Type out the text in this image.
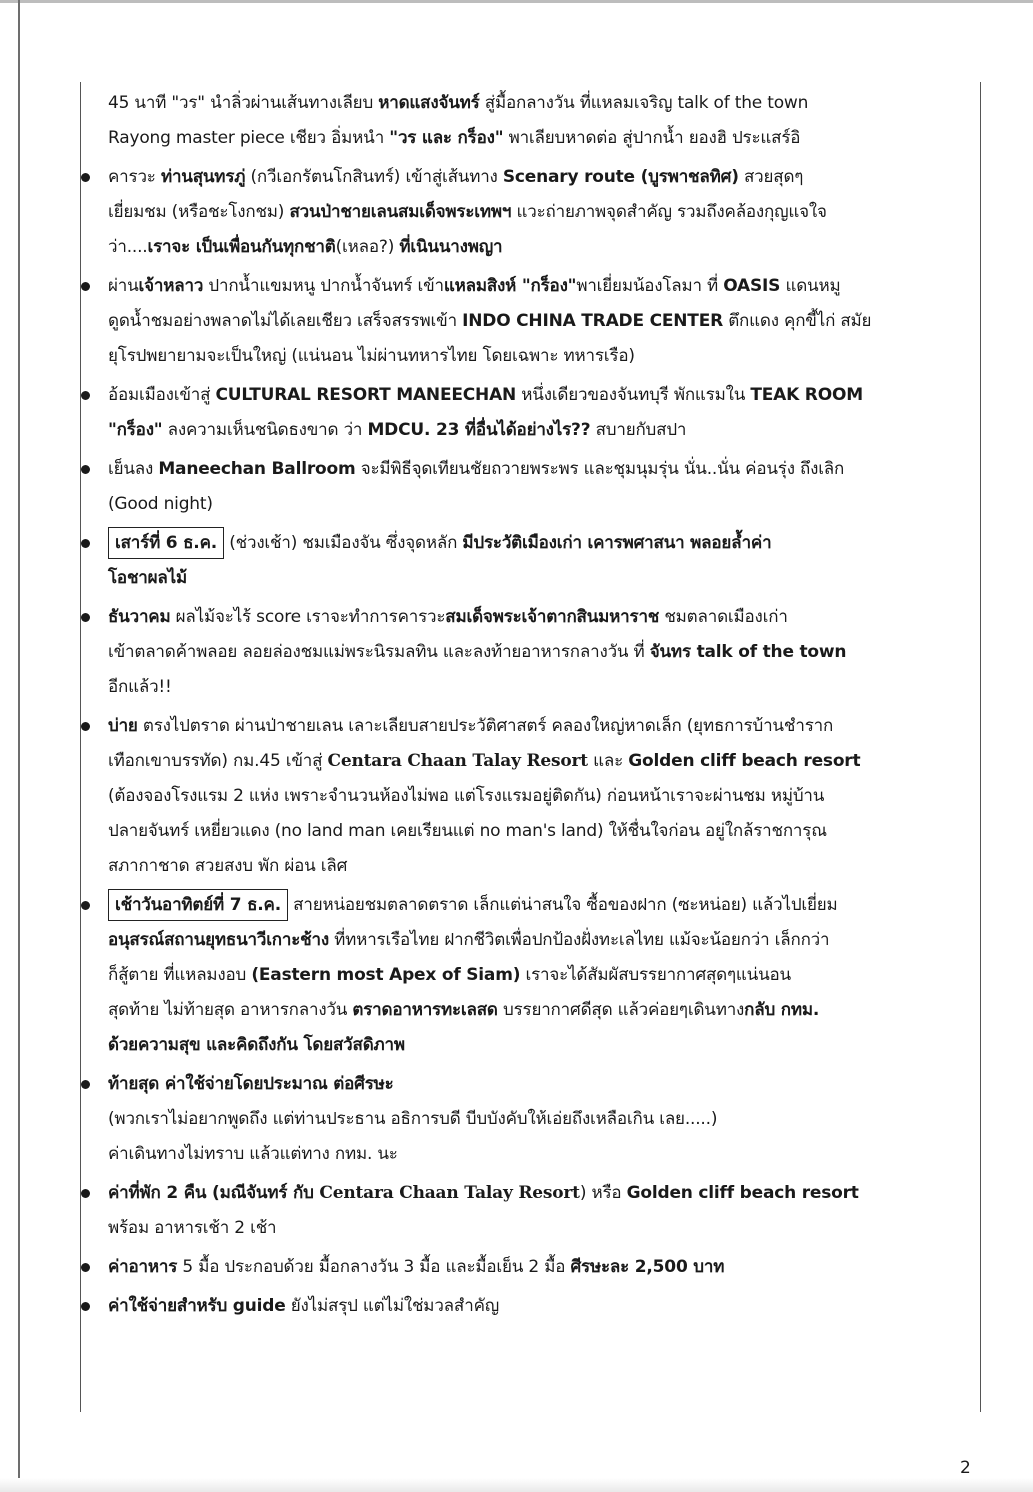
45 นาที "วร" นำลิ่วผ่านเส้นทางเลียบ หาดแสงจันทร์ สู่มื้อกลางวัน ที่แหลมเจริญ talk of the town
Rayong master piece เชียว อิ่มหนำ "วร และ กร็อง" พาเลียบหาดต่อ สู่ปากน้ำ ยองฮิ ประแสร์อิ
คารวะ ท่านสุนทรภู่ (กวีเอกรัตนโกสินทร์) เข้าสู่เส้นทาง Scenary route (บูรพาชลทิศ) สวยสุดๆ
เยี่ยมชม (หรือชะโงกชม) สวนป่าชายเลนสมเด็จพระเทพฯ แวะถ่ายภาพจุดสำคัญ รวมถึงคล้องกุญแจใจ
ว่า....เราจะ เป็นเพื่อนกันทุกชาติ(เหลอ?) ที่เนินนางพญา
ผ่านเจ้าหลาว ปากน้ำแขมหนู ปากน้ำจันทร์ เข้าแหลมสิงห์ "กร็อง"พาเยี่ยมน้องโลมา ที่ OASIS แดนหมู
ดูดน้ำชมอย่างพลาดไม่ได้เลยเชียว เสร็จสรรพเข้า INDO CHINA TRADE CENTER ตึกแดง คุกขี้ไก่ สมัย
ยุโรปพยายามจะเป็นใหญ่ (แน่นอน ไม่ผ่านทหารไทย โดยเฉพาะ ทหารเรือ)
อ้อมเมืองเข้าสู่ CULTURAL RESORT MANEECHAN หนึ่งเดียวของจันทบุรี พักแรมใน TEAK ROOM
"กร็อง" ลงความเห็นชนิดธงขาด ว่า MDCU. 23 ที่อื่นได้อย่างไร?? สบายกับสปา
เย็นลง Maneechan Ballroom จะมีพิธีจุดเทียนชัยถวายพระพร และชุมนุมรุ่น นั่น..นั่น ค่อนรุ่ง ถึงเลิก
(Good night)
เสาร์ที่ 6 ธ.ค. (ช่วงเช้า) ชมเมืองจัน ซึ่งจุดหลัก มีประวัติเมืองเก่า เคารพศาสนา พลอยล้ำค่า
โอชาผลไม้
ธันวาคม ผลไม้จะไร้ score เราจะทำการคารวะสมเด็จพระเจ้าตากสินมหาราช ชมตลาดเมืองเก่า
เข้าตลาดค้าพลอย ลอยล่องชมแม่พระนิรมลทิน และลงท้ายอาหารกลางวัน ที่ จันทร talk of the town
อีกแล้ว!!
บ่าย ตรงไปตราด ผ่านป่าชายเลน เลาะเลียบสายประวัติศาสตร์ คลองใหญ่หาดเล็ก (ยุทธการบ้านชำราก
เทือกเขาบรรทัด) กม.45 เข้าสู่ Centara Chaan Talay Resort และ Golden cliff beach resort
(ต้องจองโรงแรม 2 แห่ง เพราะจำนวนห้องไม่พอ แต่โรงแรมอยู่ติดกัน) ก่อนหน้าเราจะผ่านชม หมู่บ้าน
ปลายจันทร์ เหยี่ยวแดง (no land man เคยเรียนแต่ no man's land) ให้ชื่นใจก่อน อยู่ใกล้ราชการุณ
สภากาชาด สวยสงบ พัก ผ่อน เลิศ
เช้าวันอาทิตย์ที่ 7 ธ.ค. สายหน่อยชมตลาดตราด เล็กแต่น่าสนใจ ซื้อของฝาก (ซะหน่อย) แล้วไปเยี่ยม
อนุสรณ์สถานยุทธนาวีเกาะช้าง ที่ทหารเรือไทย ฝากชีวิตเพื่อปกป้องฝั่งทะเลไทย แม้จะน้อยกว่า เล็กกว่า
ก็สู้ตาย ที่แหลมงอบ (Eastern most Apex of Siam) เราจะได้สัมผัสบรรยากาศสุดๆแน่นอน
สุดท้าย ไม่ท้ายสุด อาหารกลางวัน ตราดอาหารทะเลสด บรรยากาศดีสุด แล้วค่อยๆเดินทางกลับ กทม.
ด้วยความสุข และคิดถึงกัน โดยสวัสดิภาพ
ท้ายสุด ค่าใช้จ่ายโดยประมาณ ต่อศีรษะ
(พวกเราไม่อยากพูดถึง แต่ท่านประธาน อธิการบดี บีบบังคับให้เอ่ยถึงเหลือเกิน เลย.....)
ค่าเดินทางไม่ทราบ แล้วแต่ทาง กทม. นะ
ค่าที่พัก 2 คืน (มณีจันทร์ กับ Centara Chaan Talay Resort) หรือ Golden cliff beach resort
พร้อม อาหารเช้า 2 เช้า
ค่าอาหาร 5 มื้อ ประกอบด้วย มื้อกลางวัน 3 มื้อ และมื้อเย็น 2 มื้อ ศีรษะละ 2,500 บาท
ค่าใช้จ่ายสำหรับ guide ยังไม่สรุป แต่ไม่ใช่มวลสำคัญ
2
